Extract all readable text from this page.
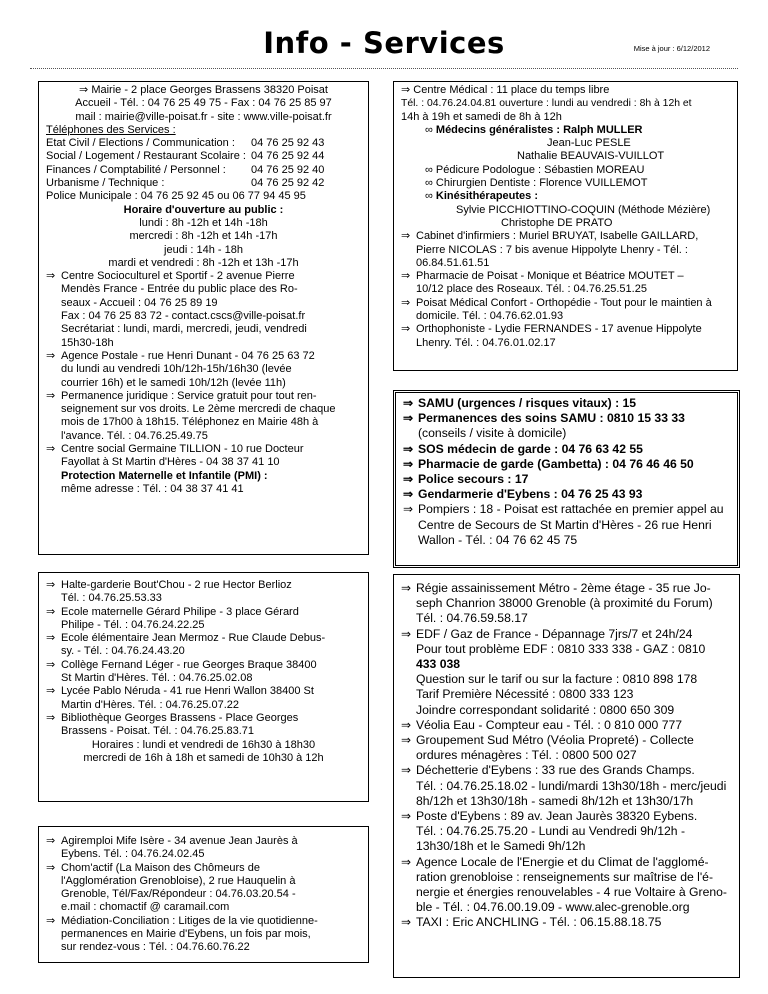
Info - Services	Mise à jour : 6/12/2012
⇒ Mairie - 2 place Georges Brassens 38320 Poisat
Accueil - Tél. : 04 76 25 49 75 - Fax : 04 76 25 85 97
mail : mairie@ville-poisat.fr - site : www.ville-poisat.fr
Téléphones des Services :
Etat Civil / Elections / Communication :	04 76 25 92 43
Social / Logement / Restaurant Scolaire : 04 76 25 92 44
Finances / Comptabilité / Personnel :	04 76 25 92 40
Urbanisme / Technique :	04 76 25 92 42
Police Municipale : 04 76 25 92 45 ou 06 77 94 45 95
Horaire d'ouverture au public :
lundi : 8h -12h et 14h -18h
mercredi : 8h -12h et 14h -17h
jeudi : 14h - 18h
mardi et vendredi : 8h -12h et 13h -17h
⇒ Centre Socioculturel et Sportif - 2 avenue Pierre
Mendès France - Entrée du public place des Ro-
seaux - Accueil : 04 76 25 89 19
Fax : 04 76 25 83 72 - contact.cscs@ville-poisat.fr
Secrétariat : lundi, mardi, mercredi, jeudi, vendredi
15h30-18h
⇒ Agence Postale - rue Henri Dunant - 04 76 25 63 72
du lundi au vendredi 10h/12h-15h/16h30 (levée
courrier 16h) et le samedi 10h/12h (levée 11h)
⇒ Permanence juridique : Service gratuit pour tout ren-
seignement sur vos droits. Le 2ème mercredi de chaque
mois de 17h00 à 18h15. Téléphonez en Mairie 48h à
l'avance. Tél. : 04.76.25.49.75
⇒ Centre social Germaine TILLION - 10 rue Docteur
Fayollat à St Martin d'Hères - 04 38 37 41 10
Protection Maternelle et Infantile (PMI) :
même adresse : Tél. : 04 38 37 41 41
⇒ Halte-garderie Bout'Chou - 2 rue Hector Berlioz
Tél. : 04.76.25.53.33
⇒ Ecole maternelle Gérard Philipe - 3 place Gérard
Philipe - Tél. : 04.76.24.22.25
⇒ Ecole élémentaire Jean Mermoz - Rue Claude Debus-
sy. - Tél. : 04.76.24.43.20
⇒ Collège Fernand Léger - rue Georges Braque 38400
St Martin d'Hères. Tél. : 04.76.25.02.08
⇒ Lycée Pablo Néruda - 41 rue Henri Wallon 38400 St
Martin d'Hères. Tél. : 04.76.25.07.22
⇒ Bibliothèque Georges Brassens - Place Georges
Brassens - Poisat. Tél. : 04.76.25.83.71
Horaires : lundi et vendredi de 16h30 à 18h30
mercredi de 16h à 18h et samedi de 10h30 à 12h
⇒ Agiremploi Mife Isère - 34 avenue Jean Jaurès à
Eybens. Tél. : 04.76.24.02.45
⇒ Chom'actif (La Maison des Chômeurs de
l'Agglomération Grenobloise), 2 rue Hauquelin à
Grenoble, Tél/Fax/Répondeur : 04.76.03.20.54 -
e.mail : chomactif @ caramail.com
⇒ Médiation-Conciliation : Litiges de la vie quotidienne-
permanences en Mairie d'Eybens, un fois par mois,
sur rendez-vous : Tél. : 04.76.60.76.22
⇒ Centre Médical : 11 place du temps libre
Tél. : 04.76.24.04.81 ouverture : lundi au vendredi : 8h à 12h et
14h à 19h et samedi de 8h à 12h
∞ Médecins généralistes : Ralph MULLER
Jean-Luc PESLE
Nathalie BEAUVAIS-VUILLOT
∞ Pédicure Podologue : Sébastien MOREAU
∞ Chirurgien Dentiste : Florence VUILLEMOT
∞ Kinésithérapeutes :
Sylvie PICCHIOTTINO-COQUIN (Méthode Mézière)
Christophe DE PRATO
⇒ Cabinet d'infirmiers : Muriel BRUYAT, Isabelle GAILLARD,
Pierre NICOLAS : 7 bis avenue Hippolyte Lhenry - Tél. :
06.84.51.61.51
⇒ Pharmacie de Poisat - Monique et Béatrice MOUTET –
10/12 place des Roseaux. Tél. : 04.76.25.51.25
⇒ Poisat Médical Confort - Orthopédie - Tout pour le maintien à
domicile. Tél. : 04.76.62.01.93
⇒ Orthophoniste - Lydie FERNANDES - 17 avenue Hippolyte
Lhenry. Tél. : 04.76.01.02.17
⇒ SAMU (urgences / risques vitaux) : 15
⇒ Permanences des soins SAMU : 0810 15 33 33
(conseils / visite à domicile)
⇒ SOS médecin de garde : 04 76 63 42 55
⇒ Pharmacie de garde (Gambetta) : 04 76 46 46 50
⇒ Police secours : 17
⇒ Gendarmerie d'Eybens : 04 76 25 43 93
⇒ Pompiers : 18 - Poisat est rattachée en premier appel au
Centre de Secours de St Martin d'Hères - 26 rue Henri
Wallon - Tél. : 04 76 62 45 75
⇒ Régie assainissement Métro - 2ème étage - 35 rue Jo-
seph Chanrion 38000 Grenoble (à proximité du Forum)
Tél. : 04.76.59.58.17
⇒ EDF / Gaz de France - Dépannage 7jrs/7 et 24h/24
Pour tout problème EDF : 0810 333 338 - GAZ : 0810
433 038
Question sur le tarif ou sur la facture : 0810 898 178
Tarif Première Nécessité : 0800 333 123
Joindre correspondant solidarité : 0800 650 309
⇒ Véolia Eau - Compteur eau - Tél. : 0 810 000 777
⇒ Groupement Sud Métro (Véolia Propreté) - Collecte
ordures ménagères : Tél. : 0800 500 027
⇒ Déchetterie d'Eybens : 33 rue des Grands Champs.
Tél. : 04.76.25.18.02 - lundi/mardi 13h30/18h - merc/jeudi
8h/12h et 13h30/18h - samedi 8h/12h et 13h30/17h
⇒ Poste d'Eybens : 89 av. Jean Jaurès 38320 Eybens.
Tél. : 04.76.25.75.20 - Lundi au Vendredi 9h/12h -
13h30/18h et le Samedi 9h/12h
⇒ Agence Locale de l'Energie et du Climat de l'agglomé-
ration grenobloise : renseignements sur maîtrise de l'é-
nergie et énergies renouvelables - 4 rue Voltaire à Greno-
ble - Tél. : 04.76.00.19.09 - www.alec-grenoble.org
⇒ TAXI : Eric ANCHLING - Tél. : 06.15.88.18.75
